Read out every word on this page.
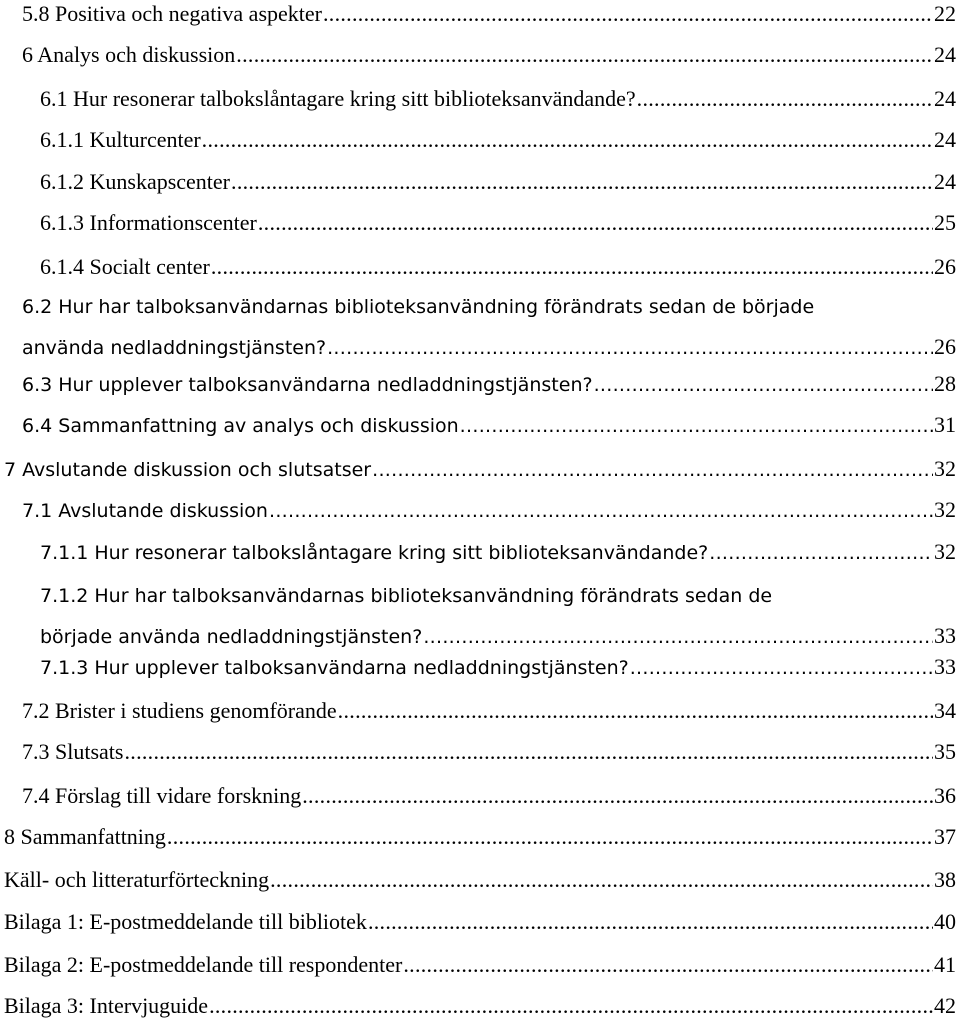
5.8 Positiva och negativa aspekter .....	22
6 Analys och diskussion .....	24
6.1 Hur resonerar talbokslåntagare kring sitt biblioteksanvändande? .....	24
6.1.1 Kulturcenter .....	24
6.1.2 Kunskapscenter .....	24
6.1.3 Informationscenter .....	25
6.1.4 Socialt center .....	26
6.2 Hur har talboksanvändarnas biblioteksanvändning förändrats sedan de började
använda nedladdningstjänsten? .....	26
6.3 Hur upplever talboksanvändarna nedladdningstjänsten? .....	28
6.4 Sammanfattning av analys och diskussion .....	31
7 Avslutande diskussion och slutsatser .....	32
7.1 Avslutande diskussion .....	32
7.1.1 Hur resonerar talbokslåntagare kring sitt biblioteksanvändande? .....	32
7.1.2 Hur har talboksanvändarnas biblioteksanvändning förändrats sedan de
började använda nedladdningstjänsten? .....	33
7.1.3 Hur upplever talboksanvändarna nedladdningstjänsten? .....	33
7.2 Brister i studiens genomförande .....	34
7.3 Slutsats .....	35
7.4 Förslag till vidare forskning .....	36
8 Sammanfattning .....	37
Käll- och litteraturförteckning .....	38
Bilaga 1: E-postmeddelande till bibliotek .....	40
Bilaga 2: E-postmeddelande till respondenter .....	41
Bilaga 3: Intervjuguide .....	42
